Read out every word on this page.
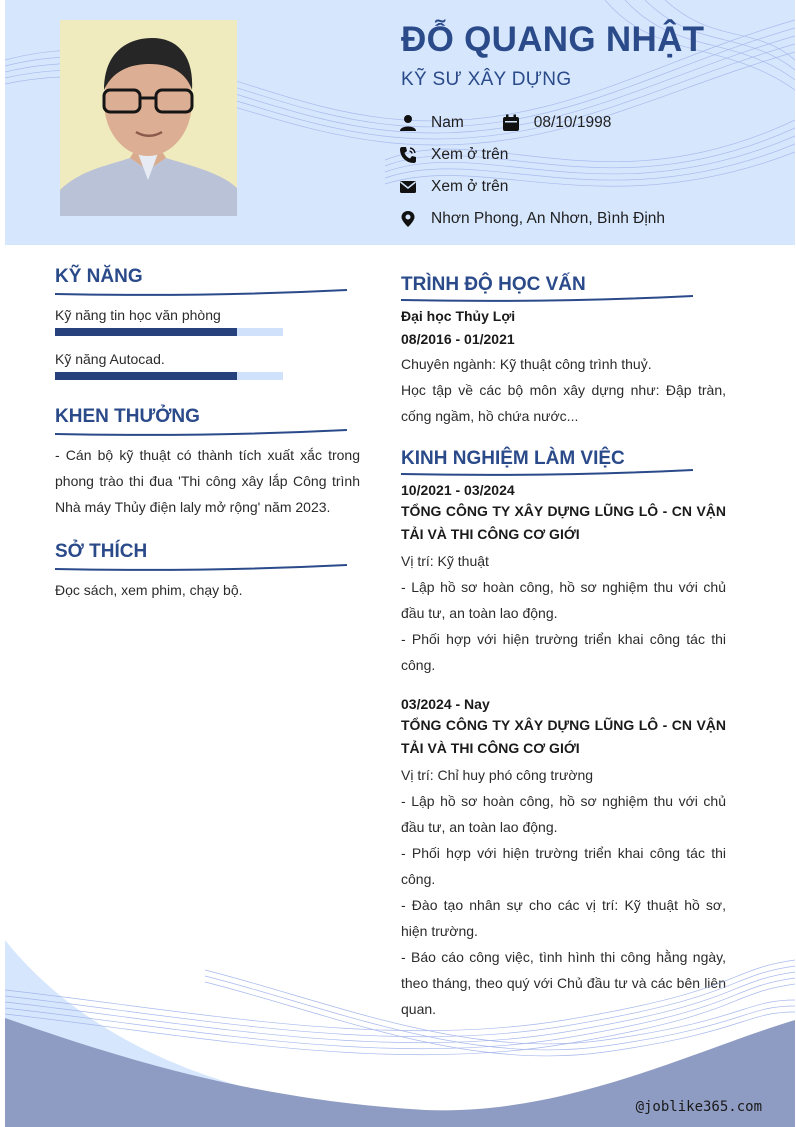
ĐỖ QUANG NHẬT
KỸ SƯ XÂY DỰNG
Nam	08/10/1998
Xem ở trên
Xem ở trên
Nhơn Phong, An Nhơn, Bình Định
KỸ NĂNG
Kỹ năng tin học văn phòng
Kỹ năng Autocad.
KHEN THƯỞNG
- Cán bộ kỹ thuật có thành tích xuất xắc trong phong trào thi đua 'Thi công xây lắp Công trình Nhà máy Thủy điện laly mở rộng' năm 2023.
SỞ THÍCH
Đọc sách, xem phim, chạy bộ.
TRÌNH ĐỘ HỌC VẤN
Đại học Thủy Lợi
08/2016 - 01/2021
Chuyên ngành: Kỹ thuật công trình thuỷ.
Học tập về các bộ môn xây dựng như: Đập tràn, cống ngầm, hồ chứa nước...
KINH NGHIỆM LÀM VIỆC
10/2021 - 03/2024
TỔNG CÔNG TY XÂY DỰNG LŨNG LÔ - CN VẬN TẢI VÀ THI CÔNG CƠ GIỚI
Vị trí: Kỹ thuật
- Lập hồ sơ hoàn công, hồ sơ nghiệm thu với chủ đầu tư, an toàn lao động.
- Phối hợp với hiện trường triển khai công tác thi công.
03/2024 - Nay
TỔNG CÔNG TY XÂY DỰNG LŨNG LÔ - CN VẬN TẢI VÀ THI CÔNG CƠ GIỚI
Vị trí: Chỉ huy phó công trường
- Lập hồ sơ hoàn công, hồ sơ nghiệm thu với chủ đầu tư, an toàn lao động.
- Phối hợp với hiện trường triển khai công tác thi công.
- Đào tạo nhân sự cho các vị trí: Kỹ thuật hồ sơ, hiện trường.
- Báo cáo công việc, tình hình thi công hằng ngày, theo tháng, theo quý với Chủ đầu tư và các bên liên quan.
@joblike365.com
